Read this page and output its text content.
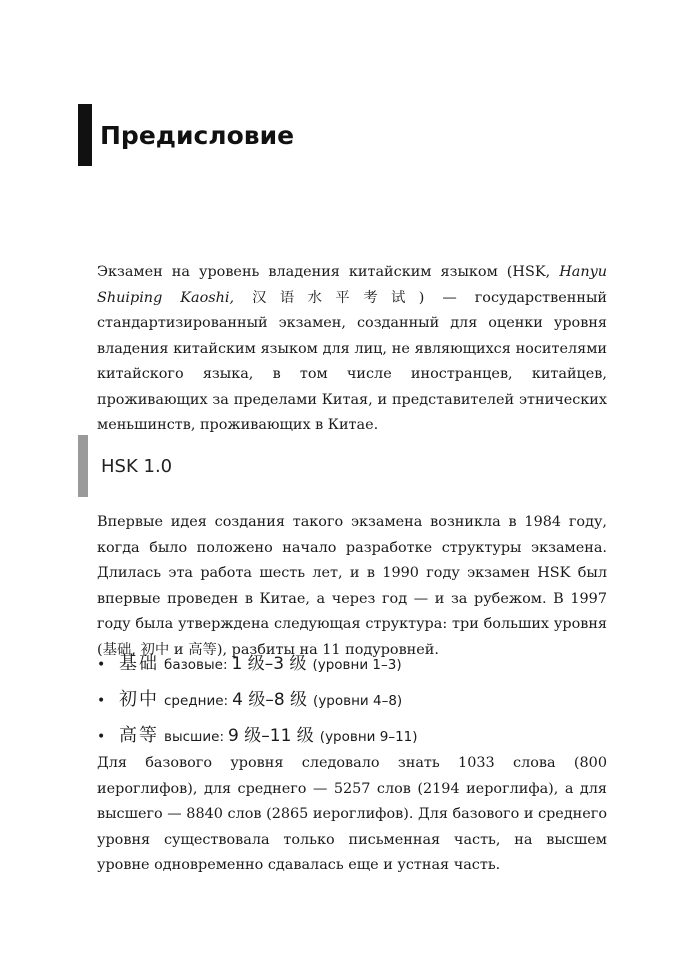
Предисловие

Экзамен на уровень владения китайским языком (HSK, Hanyu Shuiping Kaoshi, 汉语水平考试) — государственный стандартизированный экзамен, созданный для оценки уровня владения китайским языком для лиц, не являющихся носителями китайского языка, в том числе иностранцев, китайцев, проживающих за пределами Китая, и представителей этнических меньшинств, проживающих в Китае.

HSK 1.0

Впервые идея создания такого экзамена возникла в 1984 году, когда было положено начало разработке структуры экзамена. Длилась эта работа шесть лет, и в 1990 году экзамен HSK был впервые проведен в Китае, а через год — и за рубежом. В 1997 году была утверждена следующая структура: три больших уровня (基础, 初中 и 高等), разбиты на 11 подуровней.

• 基础 базовые: 1 级–3 级 (уровни 1–3)
• 初中 средние: 4 级–8 级 (уровни 4–8)
• 高等 высшие: 9 级–11 级 (уровни 9–11)

Для базового уровня следовало знать 1033 слова (800 иероглифов), для среднего — 5257 слов (2194 иероглифа), а для высшего — 8840 слов (2865 иероглифов). Для базового и среднего уровня существовала только письменная часть, на высшем уровне одновременно сдавалась еще и устная часть.
